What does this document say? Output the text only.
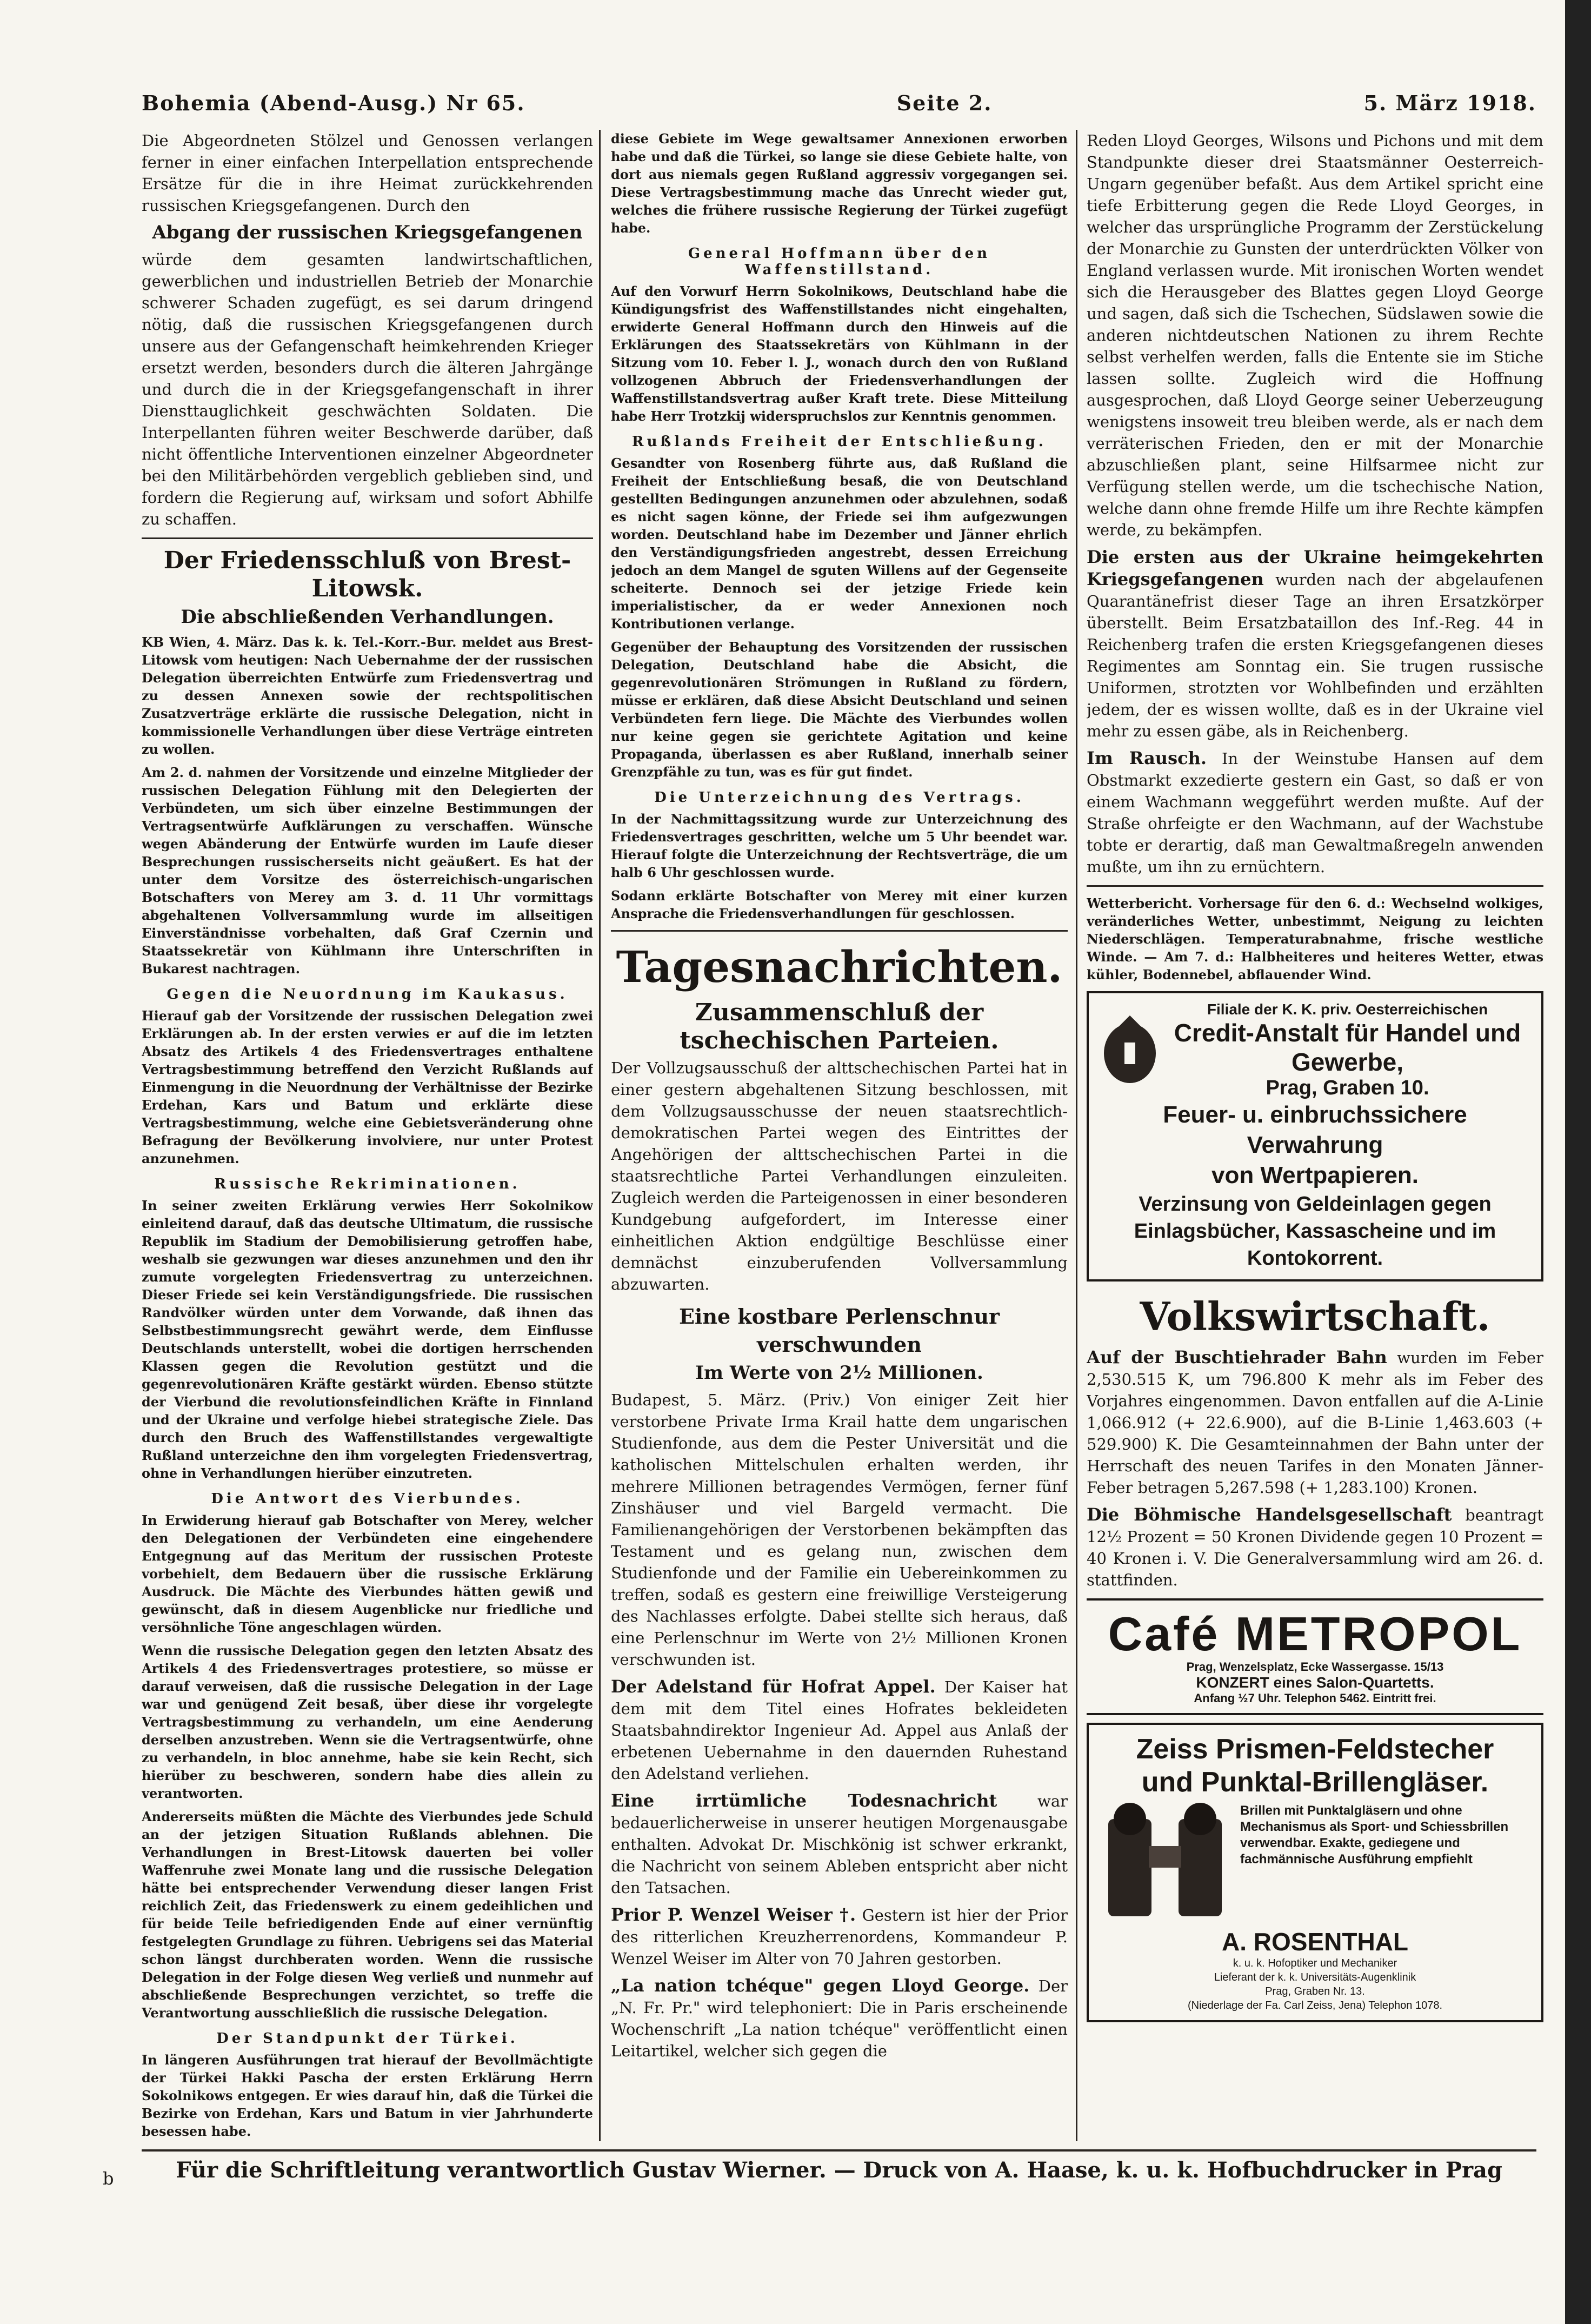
Bohemia (Abend-Ausg.) Nr 65.	Seite 2.	5. März 1918.

Die Abgeordneten Stölzel und Genossen verlangen ferner in einer einfachen Interpellation entsprechende Ersätze für die in ihre Heimat zurückkehrenden russischen Kriegsgefangenen. Durch den

Abgang der russischen Kriegsgefangenen

würde dem gesamten landwirtschaftlichen, gewerblichen und industriellen Betrieb der Monarchie schwerer Schaden zugefügt, es sei darum dringend nötig, daß die russischen Kriegsgefangenen durch unsere aus der Gefangenschaft heimkehrenden Krieger ersetzt werden, besonders durch die älteren Jahrgänge und durch die in der Kriegsgefangenschaft in ihrer Diensttauglichkeit geschwächten Soldaten. Die Interpellanten führen weiter Beschwerde darüber, daß nicht öffentliche Interventionen einzelner Abgeordneter bei den Militärbehörden vergeblich geblieben sind, und fordern die Regierung auf, wirksam und sofort Abhilfe zu schaffen.

Der Friedensschluß von Brest-Litowsk.
Die abschließenden Verhandlungen.

KB Wien, 4. März. Das k. k. Tel.-Korr.-Bur. meldet aus Brest-Litowsk vom heutigen: Nach Uebernahme der der russischen Delegation überreichten Entwürfe zum Friedensvertrag und zu dessen Annexen sowie der rechtspolitischen Zusatzverträge erklärte die russische Delegation, nicht in kommissionelle Verhandlungen über diese Verträge eintreten zu wollen.

Am 2. d. nahmen der Vorsitzende und einzelne Mitglieder der russischen Delegation Fühlung mit den Delegierten der Verbündeten, um sich über einzelne Bestimmungen der Vertragsentwürfe Aufklärungen zu verschaffen. Wünsche wegen Abänderung der Entwürfe wurden im Laufe dieser Besprechungen russischerseits nicht geäußert. Es hat der unter dem Vorsitze des österreichisch-ungarischen Botschafters von Merey am 3. d. 11 Uhr vormittags abgehaltenen Vollversammlung wurde im allseitigen Einverständnisse vorbehalten, daß Graf Czernin und Staatssekretär von Kühlmann ihre Unterschriften in Bukarest nachtragen.

Gegen die Neuordnung im Kaukasus.

Hierauf gab der Vorsitzende der russischen Delegation zwei Erklärungen ab. In der ersten verwies er auf die im letzten Absatz des Artikels 4 des Friedensvertrages enthaltene Vertragsbestimmung betreffend den Verzicht Rußlands auf Einmengung in die Neuordnung der Verhältnisse der Bezirke Erdehan, Kars und Batum und erklärte diese Vertragsbestimmung, welche eine Gebietsveränderung ohne Befragung der Bevölkerung involviere, nur unter Protest anzunehmen.

Russische Rekriminationen.

In seiner zweiten Erklärung verwies Herr Sokolnikow einleitend darauf, daß das deutsche Ultimatum, die russische Republik im Stadium der Demobilisierung getroffen habe, weshalb sie gezwungen war dieses anzunehmen und den ihr zumute vorgelegten Friedensvertrag zu unterzeichnen. Dieser Friede sei kein Verständigungsfriede. Die russischen Randvölker würden unter dem Vorwande, daß ihnen das Selbstbestimmungsrecht gewährt werde, dem Einflusse Deutschlands unterstellt, wobei die dortigen herrschenden Klassen gegen die Revolution gestützt und die gegenrevolutionären Kräfte gestärkt würden. Ebenso stützte der Vierbund die revolutionsfeindlichen Kräfte in Finnland und der Ukraine und verfolge hiebei strategische Ziele. Das durch den Bruch des Waffenstillstandes vergewaltigte Rußland unterzeichne den ihm vorgelegten Friedensvertrag, ohne in Verhandlungen hierüber einzutreten.

Die Antwort des Vierbundes.

In Erwiderung hierauf gab Botschafter von Merey, welcher den Delegationen der Verbündeten eine eingehendere Entgegnung auf das Meritum der russischen Proteste vorbehielt, dem Bedauern über die russische Erklärung Ausdruck. Die Mächte des Vierbundes hätten gewiß und gewünscht, daß in diesem Augenblicke nur friedliche und versöhnliche Töne angeschlagen würden.

Wenn die russische Delegation gegen den letzten Absatz des Artikels 4 des Friedensvertrages protestiere, so müsse er darauf verweisen, daß die russische Delegation in der Lage war und genügend Zeit besaß, über diese ihr vorgelegte Vertragsbestimmung zu verhandeln, um eine Aenderung derselben anzustreben. Wenn sie die Vertragsentwürfe, ohne zu verhandeln, in bloc annehme, habe sie kein Recht, sich hierüber zu beschweren, sondern habe dies allein zu verantworten.

Andererseits müßten die Mächte des Vierbundes jede Schuld an der jetzigen Situation Rußlands ablehnen. Die Verhandlungen in Brest-Litowsk dauerten bei voller Waffenruhe zwei Monate lang und die russische Delegation hätte bei entsprechender Verwendung dieser langen Frist reichlich Zeit, das Friedenswerk zu einem gedeihlichen und für beide Teile befriedigenden Ende auf einer vernünftig festgelegten Grundlage zu führen. Uebrigens sei das Material schon längst durchberaten worden. Wenn die russische Delegation in der Folge diesen Weg verließ und nunmehr auf abschließende Besprechungen verzichtet, so treffe die Verantwortung ausschließlich die russische Delegation.

Der Standpunkt der Türkei.

In längeren Ausführungen trat hierauf der Bevollmächtigte der Türkei Hakki Pascha der ersten Erklärung Herrn Sokolnikows entgegen. Er wies darauf hin, daß die Türkei die Bezirke von Erdehan, Kars und Batum in vier Jahrhunderte besessen habe.

diese Gebiete im Wege gewaltsamer Annexionen erworben habe und daß die Türkei, so lange sie diese Gebiete halte, von dort aus niemals gegen Rußland aggressiv vorgegangen sei. Diese Vertragsbestimmung mache das Unrecht wieder gut, welches die frühere russische Regierung der Türkei zugefügt habe.

General Hoffmann über den Waffenstillstand.

Auf den Vorwurf Herrn Sokolnikows, Deutschland habe die Kündigungsfrist des Waffenstillstandes nicht eingehalten, erwiderte General Hoffmann durch den Hinweis auf die Erklärungen des Staatssekretärs von Kühlmann in der Sitzung vom 10. Feber l. J., wonach durch den von Rußland vollzogenen Abbruch der Friedensverhandlungen der Waffenstillstandsvertrag außer Kraft trete. Diese Mitteilung habe Herr Trotzkij widerspruchslos zur Kenntnis genommen.

Rußlands Freiheit der Entschließung.

Gesandter von Rosenberg führte aus, daß Rußland die Freiheit der Entschließung besaß, die von Deutschland gestellten Bedingungen anzunehmen oder abzulehnen, sodaß es nicht sagen könne, der Friede sei ihm aufgezwungen worden. Deutschland habe im Dezember und Jänner ehrlich den Verständigungsfrieden angestrebt, dessen Erreichung jedoch an dem Mangel de sguten Willens auf der Gegenseite scheiterte. Dennoch sei der jetzige Friede kein imperialistischer, da er weder Annexionen noch Kontributionen verlange.

Gegenüber der Behauptung des Vorsitzenden der russischen Delegation, Deutschland habe die Absicht, die gegenrevolutionären Strömungen in Rußland zu fördern, müsse er erklären, daß diese Absicht Deutschland und seinen Verbündeten fern liege. Die Mächte des Vierbundes wollen nur keine gegen sie gerichtete Agitation und keine Propaganda, überlassen es aber Rußland, innerhalb seiner Grenzpfähle zu tun, was es für gut findet.

Die Unterzeichnung des Vertrags.

In der Nachmittagssitzung wurde zur Unterzeichnung des Friedensvertrages geschritten, welche um 5 Uhr beendet war. Hierauf folgte die Unterzeichnung der Rechtsverträge, die um halb 6 Uhr geschlossen wurde.

Sodann erklärte Botschafter von Merey mit einer kurzen Ansprache die Friedensverhandlungen für geschlossen.

Tagesnachrichten.
Zusammenschluß der tschechischen Parteien.

Der Vollzugsausschuß der alttschechischen Partei hat in einer gestern abgehaltenen Sitzung beschlossen, mit dem Vollzugsausschusse der neuen staatsrechtlich-demokratischen Partei wegen des Eintrittes der Angehörigen der alttschechischen Partei in die staatsrechtliche Partei Verhandlungen einzuleiten. Zugleich werden die Parteigenossen in einer besonderen Kundgebung aufgefordert, im Interesse einer einheitlichen Aktion endgültige Beschlüsse einer demnächst einzuberufenden Vollversammlung abzuwarten.

Eine kostbare Perlenschnur verschwunden
Im Werte von 2½ Millionen.

Budapest, 5. März. (Priv.) Von einiger Zeit hier verstorbene Private Irma Krail hatte dem ungarischen Studienfonde, aus dem die Pester Universität und die katholischen Mittelschulen erhalten werden, ihr mehrere Millionen betragendes Vermögen, ferner fünf Zinshäuser und viel Bargeld vermacht. Die Familienangehörigen der Verstorbenen bekämpften das Testament und es gelang nun, zwischen dem Studienfonde und der Familie ein Uebereinkommen zu treffen, sodaß es gestern eine freiwillige Versteigerung des Nachlasses erfolgte. Dabei stellte sich heraus, daß eine Perlenschnur im Werte von 2½ Millionen Kronen verschwunden ist.

Der Adelstand für Hofrat Appel. Der Kaiser hat dem mit dem Titel eines Hofrates bekleideten Staatsbahndirektor Ingenieur Ad. Appel aus Anlaß der erbetenen Uebernahme in den dauernden Ruhestand den Adelstand verliehen.

Eine irrtümliche Todesnachricht	war bedauerlicherweise in unserer heutigen Morgenausgabe enthalten. Advokat Dr. Mischkönig ist schwer erkrankt, die Nachricht von seinem Ableben entspricht aber nicht den Tatsachen.

Prior P. Wenzel Weiser †. Gestern ist hier der Prior des ritterlichen Kreuzherrenordens, Kommandeur P. Wenzel Weiser im Alter von 70 Jahren gestorben.

„La nation tchéque" gegen Lloyd George. Der „N. Fr. Pr." wird telephoniert: Die in Paris erscheinende Wochenschrift „La nation tchéque" veröffentlicht einen Leitartikel, welcher sich gegen die

Reden Lloyd Georges, Wilsons und Pichons und mit dem Standpunkte dieser drei Staatsmänner Oesterreich-Ungarn gegenüber befaßt. Aus dem Artikel spricht eine tiefe Erbitterung gegen die Rede Lloyd Georges, in welcher das ursprüngliche Programm der Zerstückelung der Monarchie zu Gunsten der unterdrückten Völker von England verlassen wurde. Mit ironischen Worten wendet sich die Herausgeber des Blattes gegen Lloyd George und sagen, daß sich die Tschechen, Südslawen sowie die anderen nichtdeutschen Nationen zu ihrem Rechte selbst verhelfen werden, falls die Entente sie im Stiche lassen sollte. Zugleich wird die Hoffnung ausgesprochen, daß Lloyd George seiner Ueberzeugung wenigstens insoweit treu bleiben werde, als er nach dem verräterischen Frieden, den er mit der Monarchie abzuschließen plant, seine Hilfsarmee nicht zur Verfügung stellen werde, um die tschechische Nation, welche dann ohne fremde Hilfe um ihre Rechte kämpfen werde, zu bekämpfen.

Die ersten aus der Ukraine heimgekehrten Kriegsgefangenen wurden nach der abgelaufenen Quarantänefrist dieser Tage an ihren Ersatzkörper überstellt. Beim Ersatzbataillon des Inf.-Reg. 44 in Reichenberg trafen die ersten Kriegsgefangenen dieses Regimentes am Sonntag ein. Sie trugen russische Uniformen, strotzten vor Wohlbefinden und erzählten jedem, der es wissen wollte, daß es in der Ukraine viel mehr zu essen gäbe, als in Reichenberg.

Im Rausch. In der Weinstube Hansen auf dem Obstmarkt exzedierte gestern ein Gast, so daß er von einem Wachmann weggeführt werden mußte. Auf der Straße ohrfeigte er den Wachmann, auf der Wachstube tobte er derartig, daß man Gewaltmaßregeln anwenden mußte, um ihn zu ernüchtern.

Wetterbericht. Vorhersage für den 6. d.: Wechselnd wolkiges, veränderliches Wetter, unbestimmt, Neigung zu leichten Niederschlägen. Temperaturabnahme, frische westliche Winde. — Am 7. d.: Halbheiteres und heiteres Wetter, etwas kühler, Bodennebel, abflauender Wind.

Filiale der K. K. priv. Oesterreichischen
Credit-Anstalt für Handel und Gewerbe,
Prag, Graben 10.
Feuer- u. einbruchssichere Verwahrung
von Wertpapieren.
Verzinsung von Geldeinlagen gegen Einlagsbücher, Kassascheine und im Kontokorrent.
Volkswirtschaft.

Auf der Buschtiehrader Bahn wurden im Feber 2,530.515 K, um 796.800 K mehr als im Feber des Vorjahres eingenommen. Davon entfallen auf die A-Linie 1,066.912 (+ 22.6.900), auf die B-Linie 1,463.603 (+ 529.900) K. Die Gesamteinnahmen der Bahn unter der Herrschaft des neuen Tarifes in den Monaten Jänner-Feber betragen 5,267.598 (+ 1,283.100) Kronen.

Die Böhmische Handelsgesellschaft beantragt 12½ Prozent = 50 Kronen Dividende gegen 10 Prozent = 40 Kronen i. V. Die Generalversammlung wird am 26. d. stattfinden.

Café METROPOL
Prag, Wenzelsplatz, Ecke Wassergasse. 15/13
KONZERT eines Salon-Quartetts.
Anfang ½7 Uhr. Telephon 5462. Eintritt frei.
Zeiss Prismen-Feldstecher
und Punktal-Brillengläser.
Brillen mit Punktalgläsern und ohne Mechanismus als Sport- und Schiessbrillen verwendbar. Exakte, gediegene und fachmännische Ausführung empfiehlt
A. ROSENTHAL
k. u. k. Hofoptiker und Mechaniker
Lieferant der k. k. Universitäts-Augenklinik
Prag, Graben Nr. 13.
(Niederlage der Fa. Carl Zeiss, Jena) Telephon 1078.
Für die Schriftleitung verantwortlich Gustav Wierner. — Druck von A. Haase, k. u. k. Hofbuchdrucker in Prag
b
